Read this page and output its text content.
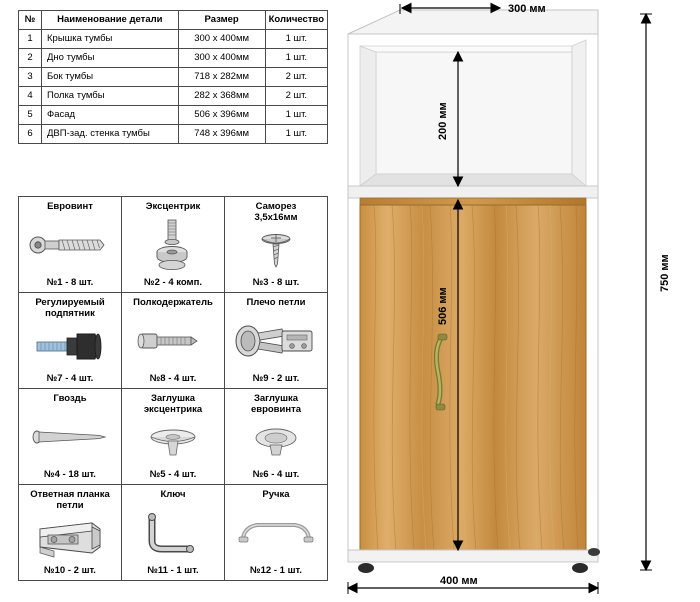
№	Наименование детали	Размер	Количество
1	Крышка тумбы	300 x 400мм	1 шт.
2	Дно тумбы	300 x 400мм	1 шт.
3	Бок тумбы	718 x 282мм	2 шт.
4	Полка тумбы	282 x 368мм	2 шт.
5	Фасад	506 x 396мм	1 шт.
6	ДВП-зад. стенка тумбы	748 x 396мм	1 шт.
Евровинт
№1 - 8 шт.

Эксцентрик
№2 - 4 комп.

Саморез
3,5x16мм
№3 - 8 шт.

Регулируемый
подпятник
№7 - 4 шт.

Полкодержатель
№8 - 4 шт.

Плечо петли
№9 - 2 шт.

Гвоздь
№4 - 18 шт.

Заглушка
эксцентрика
№5 - 4 шт.

Заглушка
евровинта
№6 - 4 шт.

Ответная планка
петли
№10 - 2 шт.

Ключ
№11 - 1 шт.

Ручка
№12 - 1 шт.
300 мм
200 мм
506 мм
750 мм
400 мм
